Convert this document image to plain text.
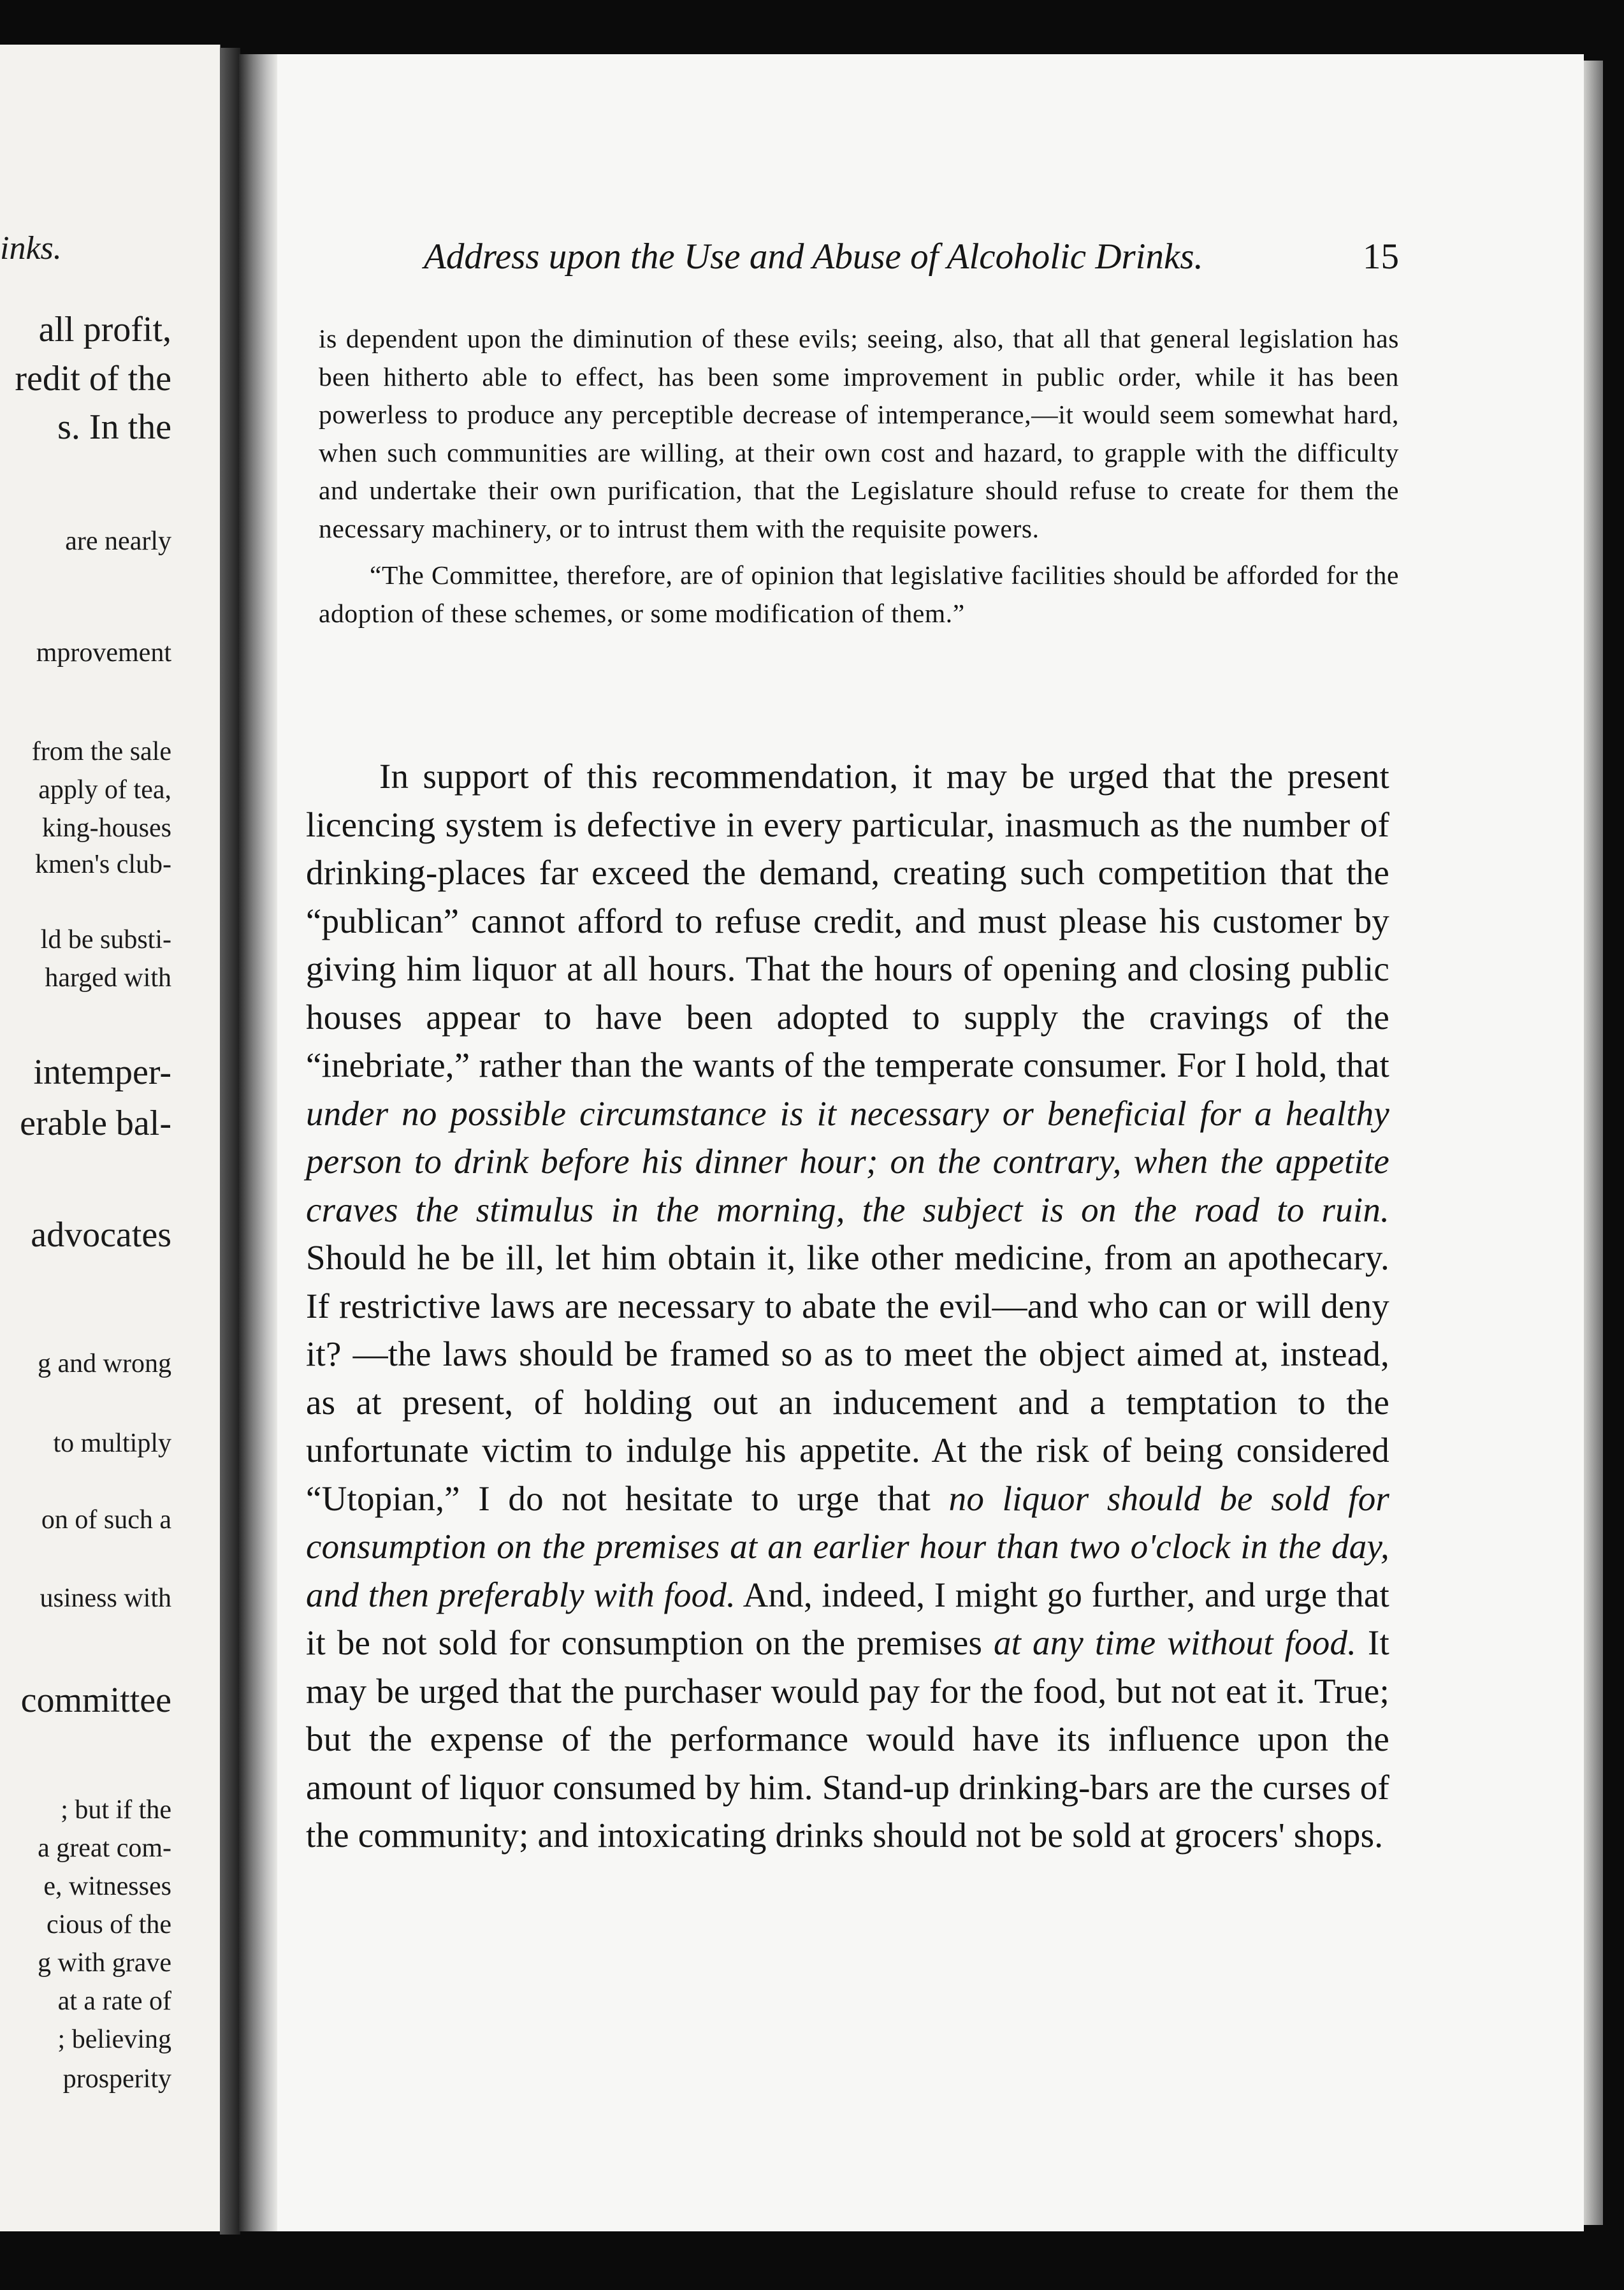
inks.
all profit,
redit of the
s. In the
are nearly
mprovement
from the sale
apply of tea,
king-houses
kmen's club-
ld be substi-
harged with
intemper-
erable bal-
advocates
g and wrong
to multiply
on of such a
usiness with
committee
; but if the
a great com-
e, witnesses
cious of the
g with grave
at a rate of
; believing
prosperity
Address upon the Use and Abuse of Alcoholic Drinks.	15

is dependent upon the diminution of these evils; seeing, also, that all that general legislation has been hitherto able to effect, has been some improvement in public order, while it has been powerless to produce any perceptible decrease of intemperance,—it would seem somewhat hard, when such communities are willing, at their own cost and hazard, to grapple with the difficulty and undertake their own purification, that the Legislature should refuse to create for them the necessary machinery, or to intrust them with the requisite powers.

“The Committee, therefore, are of opinion that legislative facilities should be afforded for the adoption of these schemes, or some modification of them.”

In support of this recommendation, it may be urged that the present licencing system is defective in every particular, inasmuch as the number of drinking-places far exceed the demand, creating such competition that the “publican” cannot afford to refuse credit, and must please his customer by giving him liquor at all hours. That the hours of opening and closing public houses appear to have been adopted to supply the cravings of the “inebriate,” rather than the wants of the temperate consumer. For I hold, that under no possible circumstance is it necessary or beneficial for a healthy person to drink before his dinner hour; on the contrary, when the appetite craves the stimulus in the morning, the subject is on the road to ruin. Should he be ill, let him obtain it, like other medicine, from an apothecary. If restrictive laws are necessary to abate the evil—and who can or will deny it? —the laws should be framed so as to meet the object aimed at, instead, as at present, of holding out an inducement and a temptation to the unfortunate victim to indulge his appetite. At the risk of being considered “Utopian,” I do not hesitate to urge that no liquor should be sold for consumption on the premises at an earlier hour than two o'clock in the day, and then preferably with food. And, indeed, I might go further, and urge that it be not sold for consumption on the premises at any time without food. It may be urged that the purchaser would pay for the food, but not eat it. True; but the expense of the performance would have its influence upon the amount of liquor consumed by him. Stand-up drinking-bars are the curses of the community; and intoxicating drinks should not be sold at grocers' shops.
